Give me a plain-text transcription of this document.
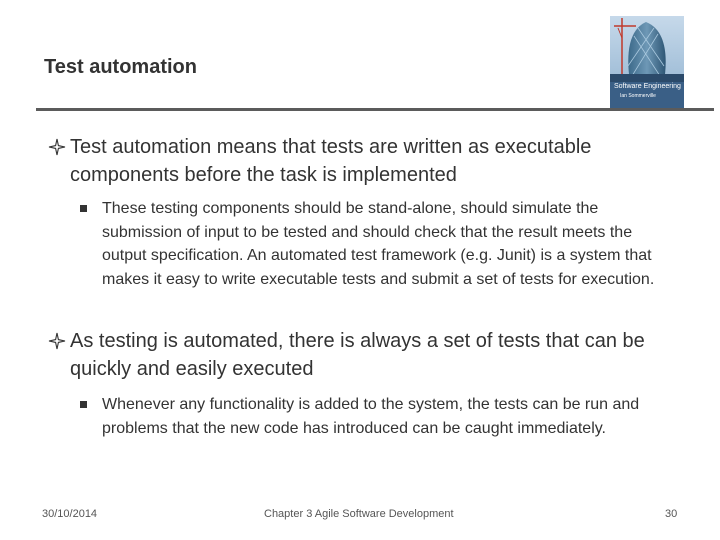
Test automation
Software Engineering
Ian Sommerville
Test automation means that tests are written as executable components before the task is implemented
These testing components should be stand-alone, should simulate the submission of input to be tested and should check that the result meets the output specification. An automated test framework (e.g. Junit) is a system that makes it easy to write executable tests and submit a set of tests for execution.
As testing is automated, there is always a set of tests that can be quickly and easily executed
Whenever any functionality is added to the system, the tests can be run and problems that the new code has introduced can be caught immediately.
30/10/2014	Chapter 3 Agile Software Development	30
